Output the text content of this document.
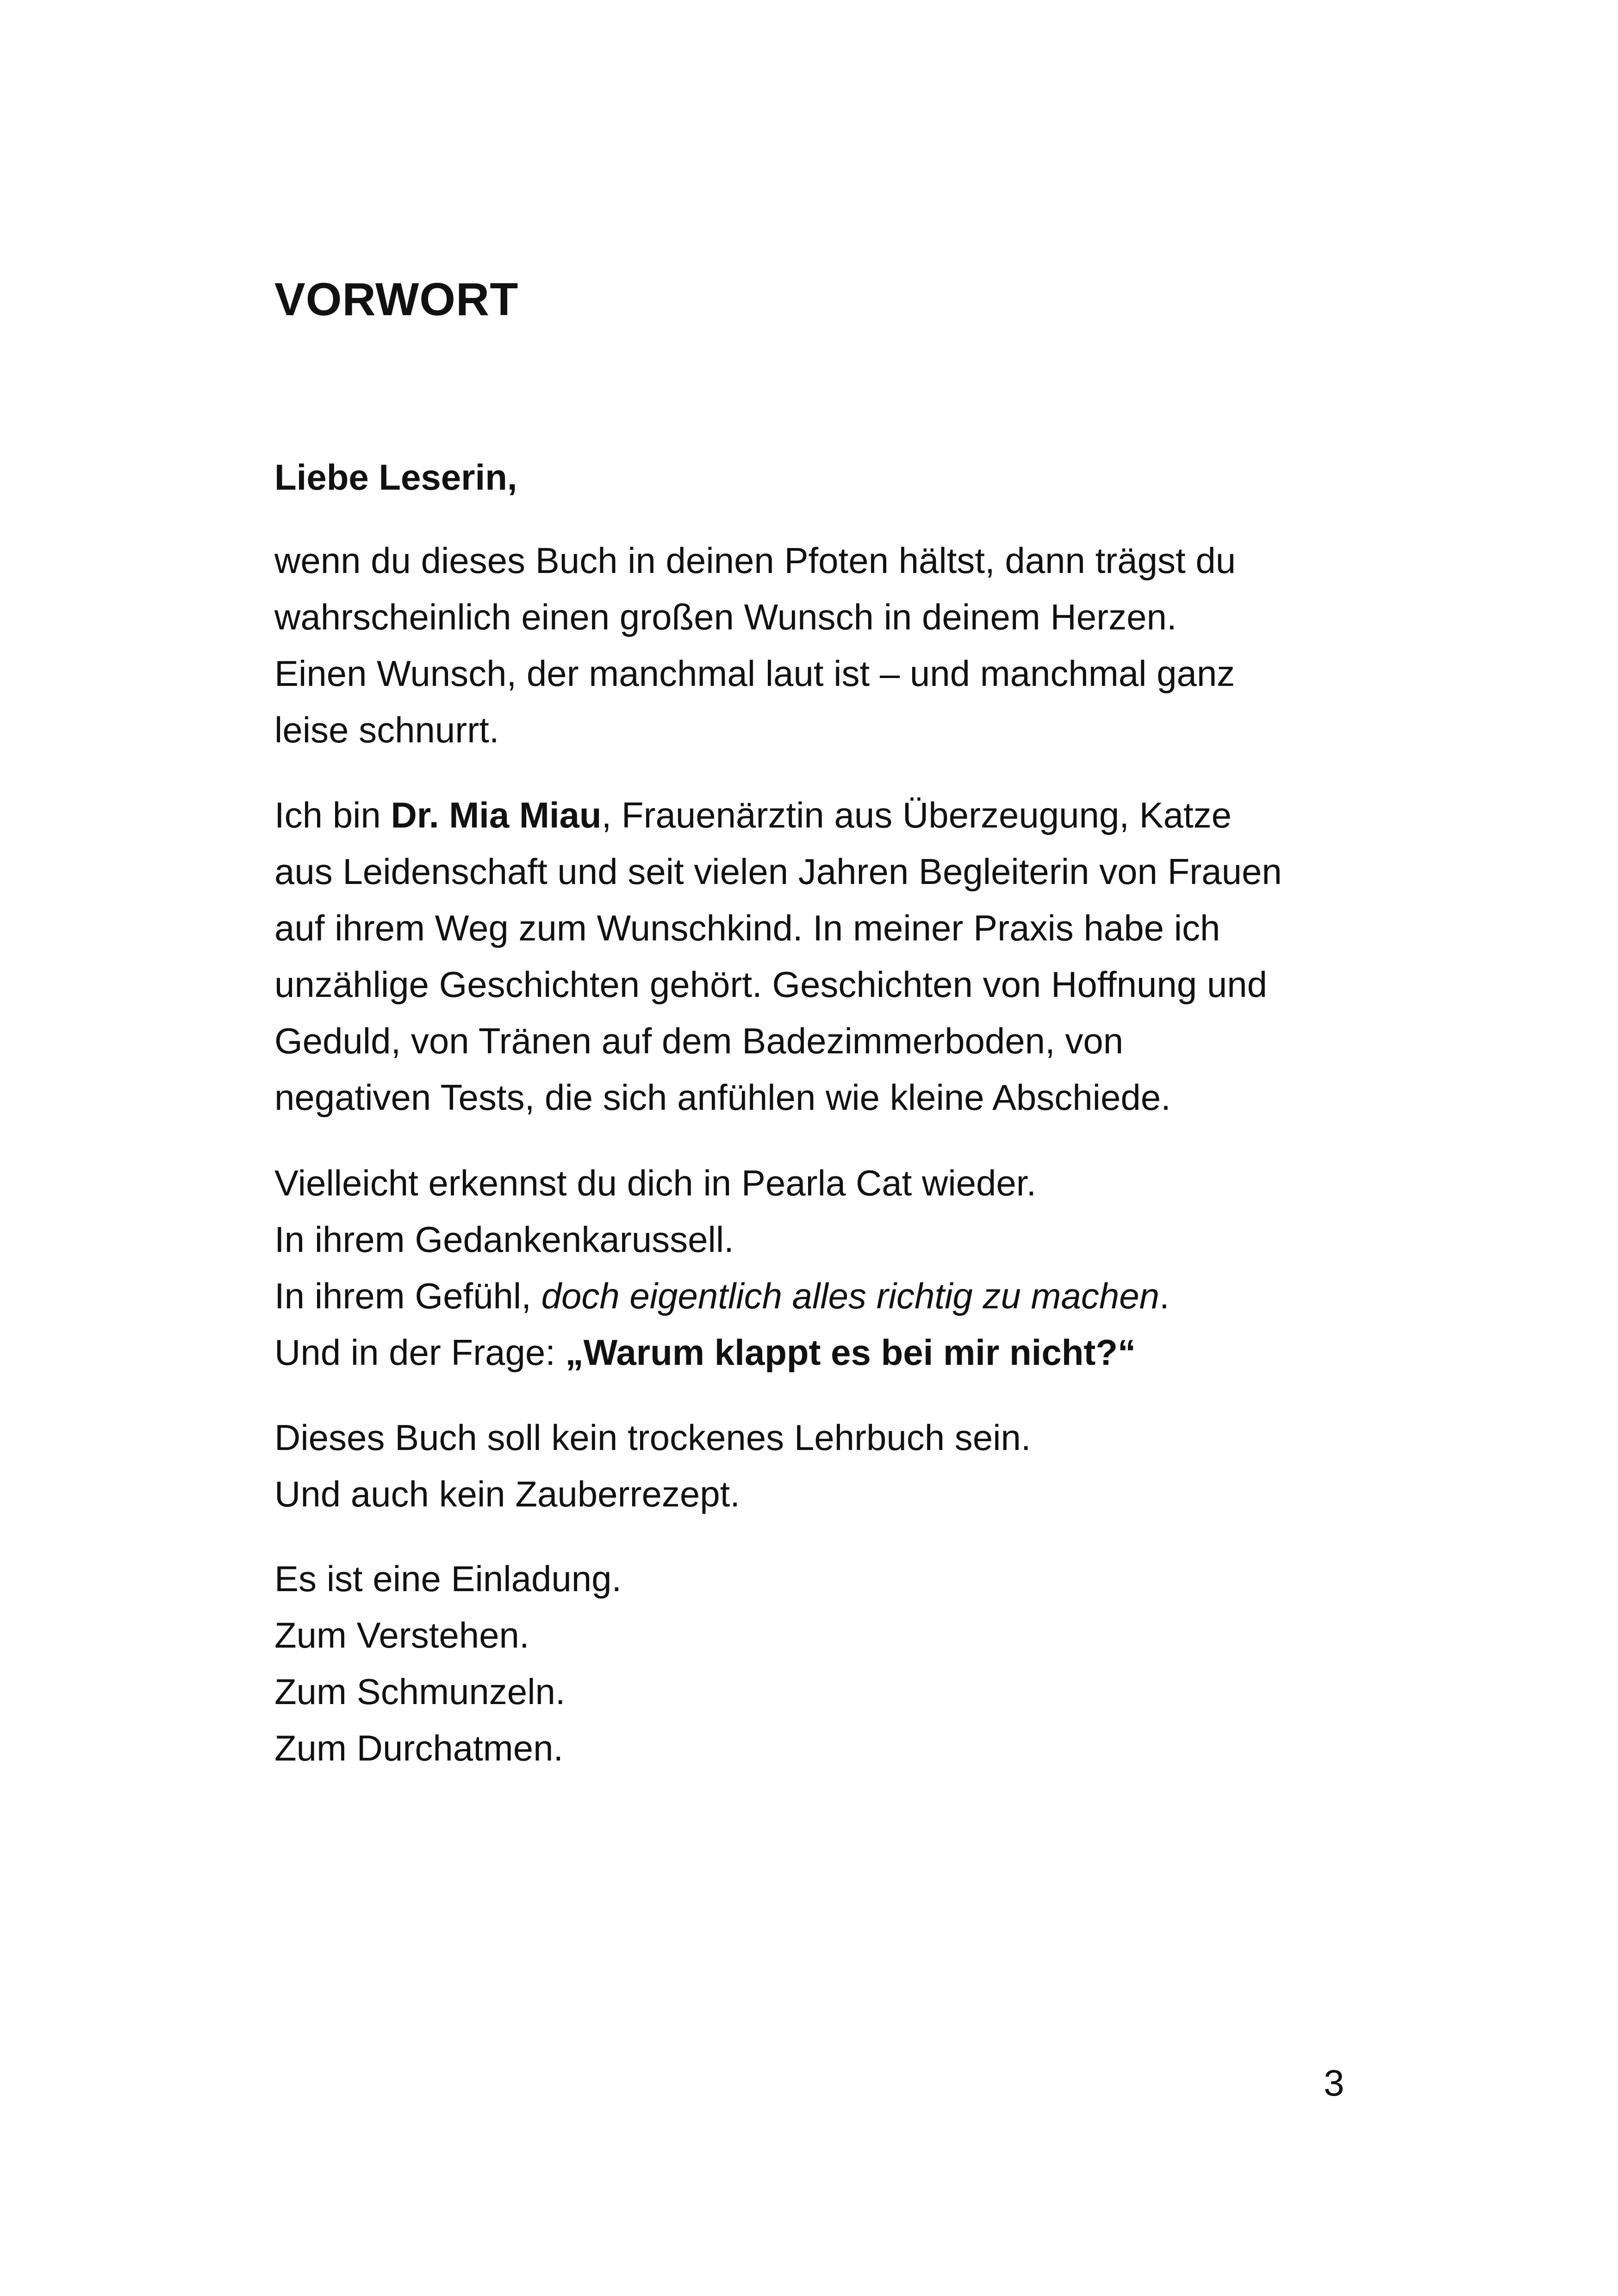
VORWORT
Liebe Leserin,
wenn du dieses Buch in deinen Pfoten hältst, dann trägst du
wahrscheinlich einen großen Wunsch in deinem Herzen.
Einen Wunsch, der manchmal laut ist – und manchmal ganz
leise schnurrt.
Ich bin Dr. Mia Miau, Frauenärztin aus Überzeugung, Katze
aus Leidenschaft und seit vielen Jahren Begleiterin von Frauen
auf ihrem Weg zum Wunschkind. In meiner Praxis habe ich
unzählige Geschichten gehört. Geschichten von Hoffnung und
Geduld, von Tränen auf dem Badezimmerboden, von
negativen Tests, die sich anfühlen wie kleine Abschiede.
Vielleicht erkennst du dich in Pearla Cat wieder.
In ihrem Gedankenkarussell.
In ihrem Gefühl, doch eigentlich alles richtig zu machen.
Und in der Frage: „Warum klappt es bei mir nicht?“
Dieses Buch soll kein trockenes Lehrbuch sein.
Und auch kein Zauberrezept.
Es ist eine Einladung.
Zum Verstehen.
Zum Schmunzeln.
Zum Durchatmen.
3
